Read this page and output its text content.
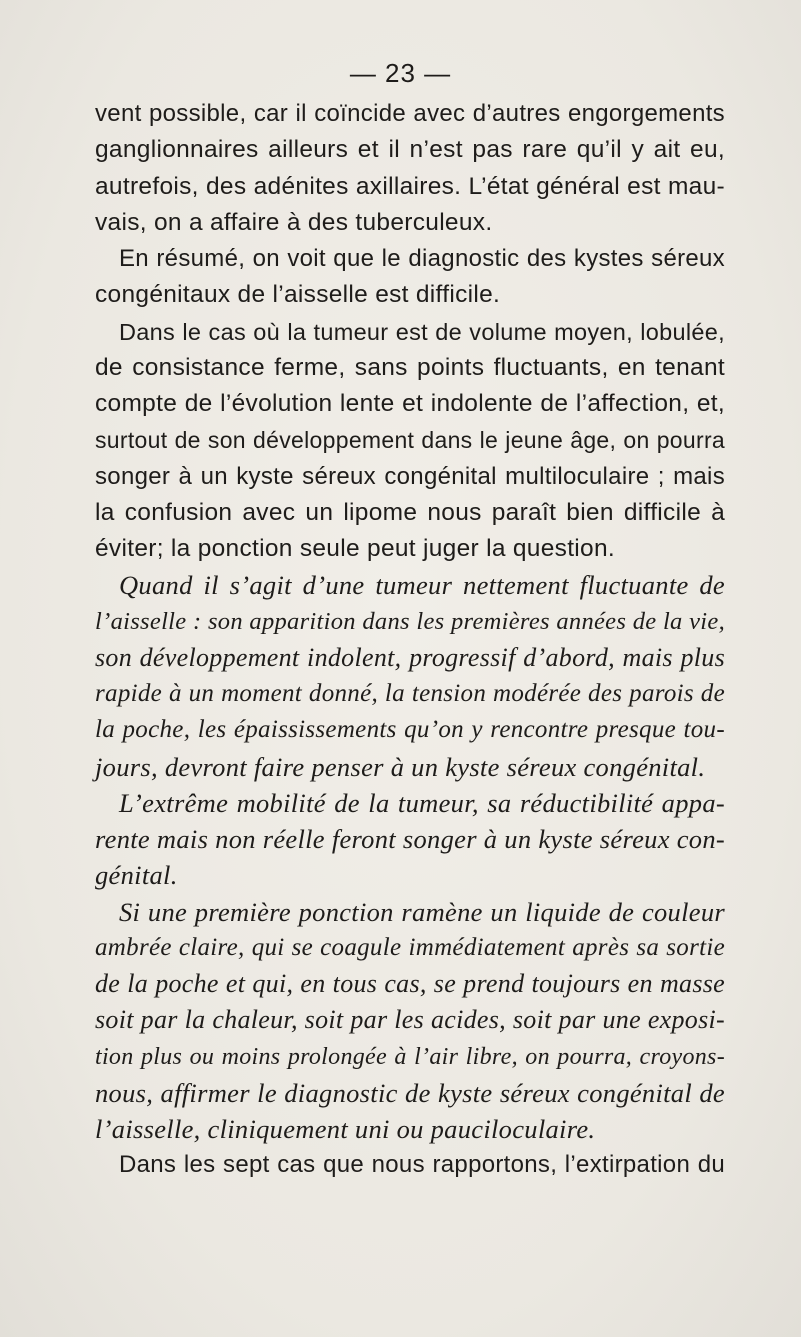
— 23 —
vent possible, car il coïncide avec d’autres engorgements
ganglionnaires ailleurs et il n’est pas rare qu’il y ait eu,
autrefois, des adénites axillaires. L’état général est mau-
vais, on a affaire à des tuberculeux.
En résumé, on voit que le diagnostic des kystes séreux
congénitaux de l’aisselle est difficile.
Dans le cas où la tumeur est de volume moyen, lobulée,
de consistance ferme, sans points fluctuants, en tenant
compte de l’évolution lente et indolente de l’affection, et,
surtout de son développement dans le jeune âge, on pourra
songer à un kyste séreux congénital multiloculaire ; mais
la confusion avec un lipome nous paraît bien difficile à
éviter; la ponction seule peut juger la question.
Quand il s’agit d’une tumeur nettement fluctuante de
l’aisselle : son apparition dans les premières années de la vie,
son développement indolent, progressif d’abord, mais plus
rapide à un moment donné, la tension modérée des parois de
la poche, les épaississements qu’on y rencontre presque tou-
jours, devront faire penser à un kyste séreux congénital.
L’extrême mobilité de la tumeur, sa réductibilité appa-
rente mais non réelle feront songer à un kyste séreux con-
génital.
Si une première ponction ramène un liquide de couleur
ambrée claire, qui se coagule immédiatement après sa sortie
de la poche et qui, en tous cas, se prend toujours en masse
soit par la chaleur, soit par les acides, soit par une exposi-
tion plus ou moins prolongée à l’air libre, on pourra, croyons-
nous, affirmer le diagnostic de kyste séreux congénital de
l’aisselle, cliniquement uni ou pauciloculaire.
Dans les sept cas que nous rapportons, l’extirpation du
